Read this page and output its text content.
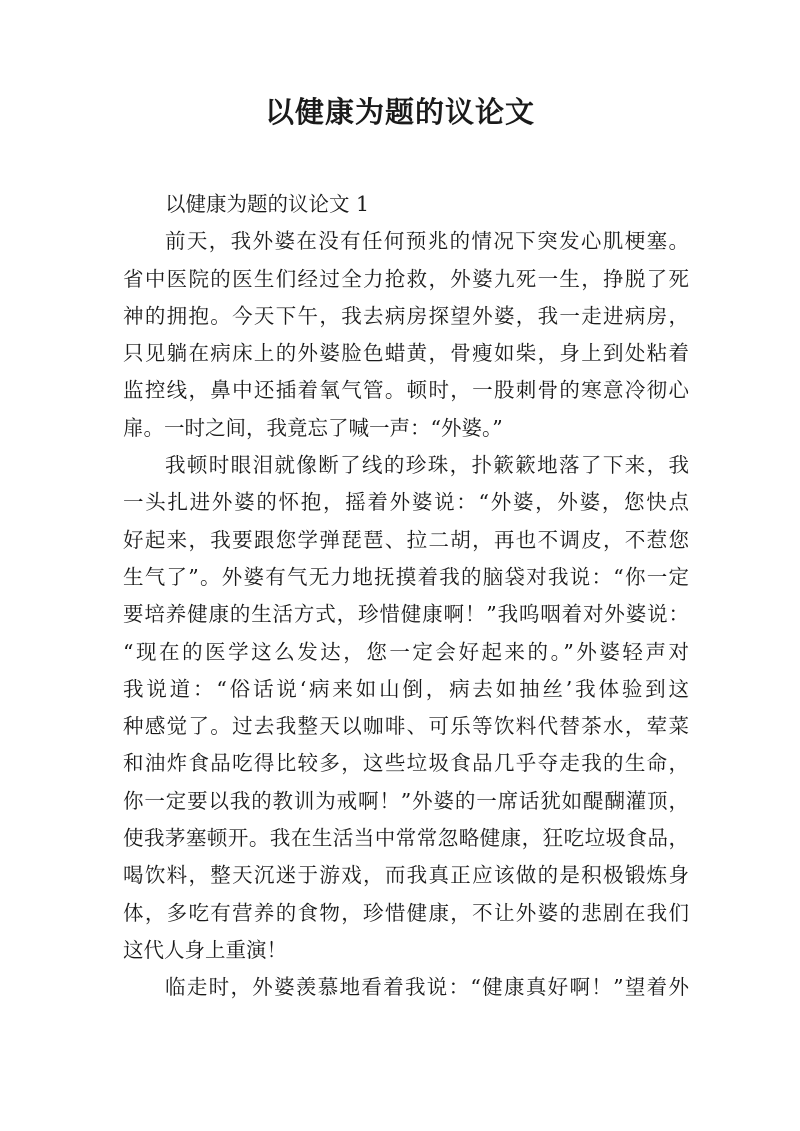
以健康为题的议论文
以健康为题的议论文 1
前天，我外婆在没有任何预兆的情况下突发心肌梗塞。
省中医院的医生们经过全力抢救，外婆九死一生，挣脱了死
神的拥抱。今天下午，我去病房探望外婆，我一走进病房，
只见躺在病床上的外婆脸色蜡黄，骨瘦如柴，身上到处粘着
监控线，鼻中还插着氧气管。顿时，一股刺骨的寒意冷彻心
扉。一时之间，我竟忘了喊一声：“外婆。”
我顿时眼泪就像断了线的珍珠，扑簌簌地落了下来，我
一头扎进外婆的怀抱，摇着外婆说：“外婆，外婆，您快点
好起来，我要跟您学弹琵琶、拉二胡，再也不调皮，不惹您
生气了”。外婆有气无力地抚摸着我的脑袋对我说：“你一定
要培养健康的生活方式，珍惜健康啊！”我呜咽着对外婆说：
“现在的医学这么发达，您一定会好起来的。”外婆轻声对
我说道：“俗话说‘病来如山倒，病去如抽丝’我体验到这
种感觉了。过去我整天以咖啡、可乐等饮料代替茶水，荤菜
和油炸食品吃得比较多，这些垃圾食品几乎夺走我的生命，
你一定要以我的教训为戒啊！”外婆的一席话犹如醍醐灌顶，
使我茅塞顿开。我在生活当中常常忽略健康，狂吃垃圾食品，
喝饮料，整天沉迷于游戏，而我真正应该做的是积极锻炼身
体，多吃有营养的食物，珍惜健康，不让外婆的悲剧在我们
这代人身上重演！
临走时，外婆羡慕地看着我说：“健康真好啊！”望着外
